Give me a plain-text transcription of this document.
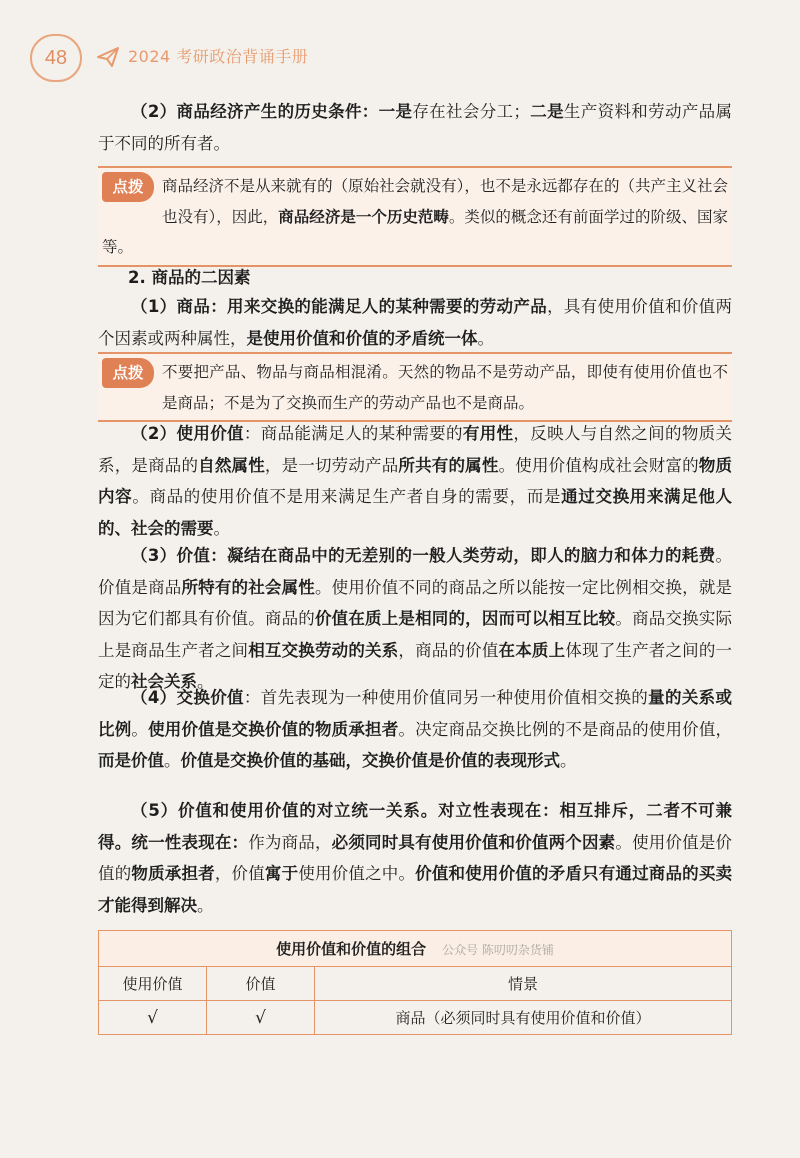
48	2024 考研政治背诵手册
（2）商品经济产生的历史条件：一是存在社会分工；二是生产资料和劳动产品属于不同的所有者。
点拨	商品经济不是从来就有的（原始社会就没有），也不是永远都存在的（共产主义社会也没有），因此，商品经济是一个历史范畴。类似的概念还有前面学过的阶级、国家等。
2. 商品的二因素
（1）商品：用来交换的能满足人的某种需要的劳动产品，具有使用价值和价值两个因素或两种属性，是使用价值和价值的矛盾统一体。
点拨	不要把产品、物品与商品相混淆。天然的物品不是劳动产品，即使有使用价值也不是商品；不是为了交换而生产的劳动产品也不是商品。
（2）使用价值：商品能满足人的某种需要的有用性，反映人与自然之间的物质关系，是商品的自然属性，是一切劳动产品所共有的属性。使用价值构成社会财富的物质内容。商品的使用价值不是用来满足生产者自身的需要，而是通过交换用来满足他人的、社会的需要。
（3）价值：凝结在商品中的无差别的一般人类劳动，即人的脑力和体力的耗费。价值是商品所特有的社会属性。使用价值不同的商品之所以能按一定比例相交换，就是因为它们都具有价值。商品的价值在质上是相同的，因而可以相互比较。商品交换实际上是商品生产者之间相互交换劳动的关系，商品的价值在本质上体现了生产者之间的一定的社会关系。
（4）交换价值：首先表现为一种使用价值同另一种使用价值相交换的量的关系或比例。使用价值是交换价值的物质承担者。决定商品交换比例的不是商品的使用价值，而是价值。价值是交换价值的基础，交换价值是价值的表现形式。
（5）价值和使用价值的对立统一关系。对立性表现在：相互排斥，二者不可兼得。统一性表现在：作为商品，必须同时具有使用价值和价值两个因素。使用价值是价值的物质承担者，价值寓于使用价值之中。价值和使用价值的矛盾只有通过商品的买卖才能得到解决。
使用价值和价值的组合 公众号 陈叨叨杂货铺		
使用价值	价值	情景
√	√	商品（必须同时具有使用价值和价值）
